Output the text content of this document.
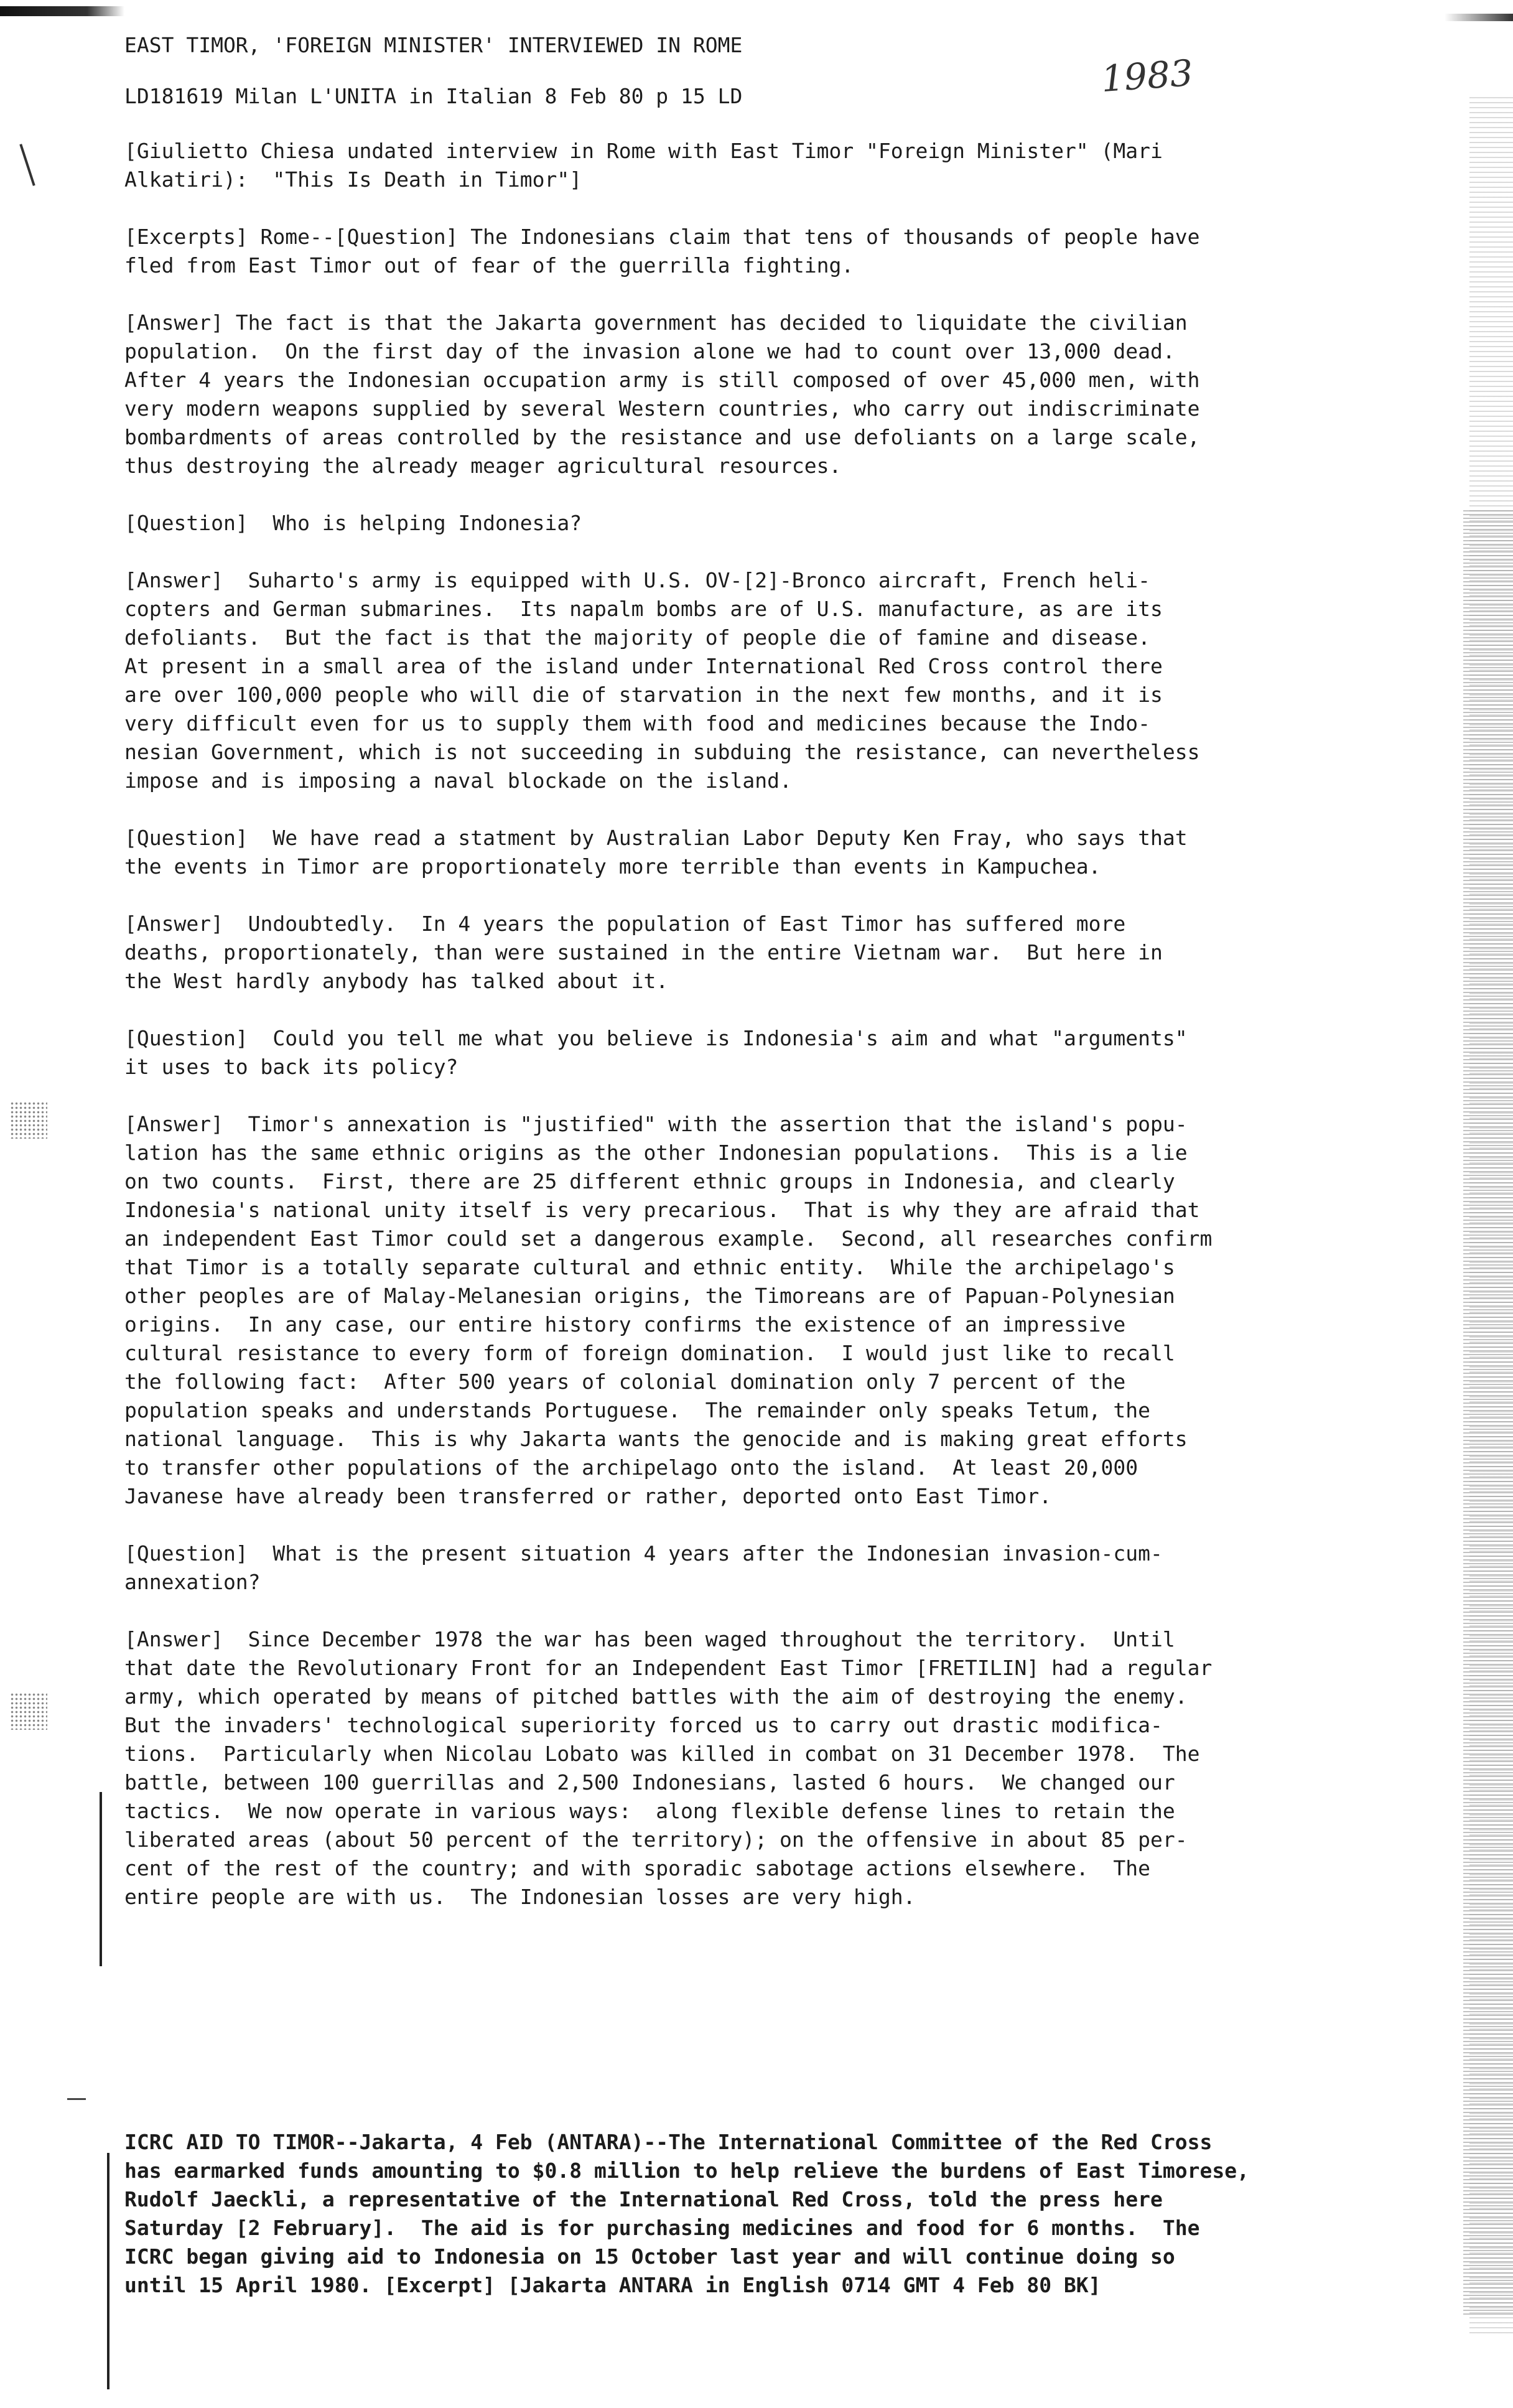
1983
EAST TIMOR, 'FOREIGN MINISTER' INTERVIEWED IN ROME
LD181619 Milan L'UNITA in Italian 8 Feb 80 p 15 LD
[Giulietto Chiesa undated interview in Rome with East Timor "Foreign Minister" (Mari
Alkatiri):  "This Is Death in Timor"]
[Excerpts] Rome--[Question] The Indonesians claim that tens of thousands of people have
fled from East Timor out of fear of the guerrilla fighting.
[Answer] The fact is that the Jakarta government has decided to liquidate the civilian
population.  On the first day of the invasion alone we had to count over 13,000 dead.
After 4 years the Indonesian occupation army is still composed of over 45,000 men, with
very modern weapons supplied by several Western countries, who carry out indiscriminate
bombardments of areas controlled by the resistance and use defoliants on a large scale,
thus destroying the already meager agricultural resources.
[Question]  Who is helping Indonesia?
[Answer]  Suharto's army is equipped with U.S. OV-[2]-Bronco aircraft, French heli-
copters and German submarines.  Its napalm bombs are of U.S. manufacture, as are its
defoliants.  But the fact is that the majority of people die of famine and disease.
At present in a small area of the island under International Red Cross control there
are over 100,000 people who will die of starvation in the next few months, and it is
very difficult even for us to supply them with food and medicines because the Indo-
nesian Government, which is not succeeding in subduing the resistance, can nevertheless
impose and is imposing a naval blockade on the island.
[Question]  We have read a statment by Australian Labor Deputy Ken Fray, who says that
the events in Timor are proportionately more terrible than events in Kampuchea.
[Answer]  Undoubtedly.  In 4 years the population of East Timor has suffered more
deaths, proportionately, than were sustained in the entire Vietnam war.  But here in
the West hardly anybody has talked about it.
[Question]  Could you tell me what you believe is Indonesia's aim and what "arguments"
it uses to back its policy?
[Answer]  Timor's annexation is "justified" with the assertion that the island's popu-
lation has the same ethnic origins as the other Indonesian populations.  This is a lie
on two counts.  First, there are 25 different ethnic groups in Indonesia, and clearly
Indonesia's national unity itself is very precarious.  That is why they are afraid that
an independent East Timor could set a dangerous example.  Second, all researches confirm
that Timor is a totally separate cultural and ethnic entity.  While the archipelago's
other peoples are of Malay-Melanesian origins, the Timoreans are of Papuan-Polynesian
origins.  In any case, our entire history confirms the existence of an impressive
cultural resistance to every form of foreign domination.  I would just like to recall
the following fact:  After 500 years of colonial domination only 7 percent of the
population speaks and understands Portuguese.  The remainder only speaks Tetum, the
national language.  This is why Jakarta wants the genocide and is making great efforts
to transfer other populations of the archipelago onto the island.  At least 20,000
Javanese have already been transferred or rather, deported onto East Timor.
[Question]  What is the present situation 4 years after the Indonesian invasion-cum-
annexation?
[Answer]  Since December 1978 the war has been waged throughout the territory.  Until
that date the Revolutionary Front for an Independent East Timor [FRETILIN] had a regular
army, which operated by means of pitched battles with the aim of destroying the enemy.
But the invaders' technological superiority forced us to carry out drastic modifica-
tions.  Particularly when Nicolau Lobato was killed in combat on 31 December 1978.  The
battle, between 100 guerrillas and 2,500 Indonesians, lasted 6 hours.  We changed our
tactics.  We now operate in various ways:  along flexible defense lines to retain the
liberated areas (about 50 percent of the territory); on the offensive in about 85 per-
cent of the rest of the country; and with sporadic sabotage actions elsewhere.  The
entire people are with us.  The Indonesian losses are very high.
ICRC AID TO TIMOR--Jakarta, 4 Feb (ANTARA)--The International Committee of the Red Cross
has earmarked funds amounting to $0.8 million to help relieve the burdens of East Timorese,
Rudolf Jaeckli, a representative of the International Red Cross, told the press here
Saturday [2 February].  The aid is for purchasing medicines and food for 6 months.  The
ICRC began giving aid to Indonesia on 15 October last year and will continue doing so
until 15 April 1980. [Excerpt] [Jakarta ANTARA in English 0714 GMT 4 Feb 80 BK]
